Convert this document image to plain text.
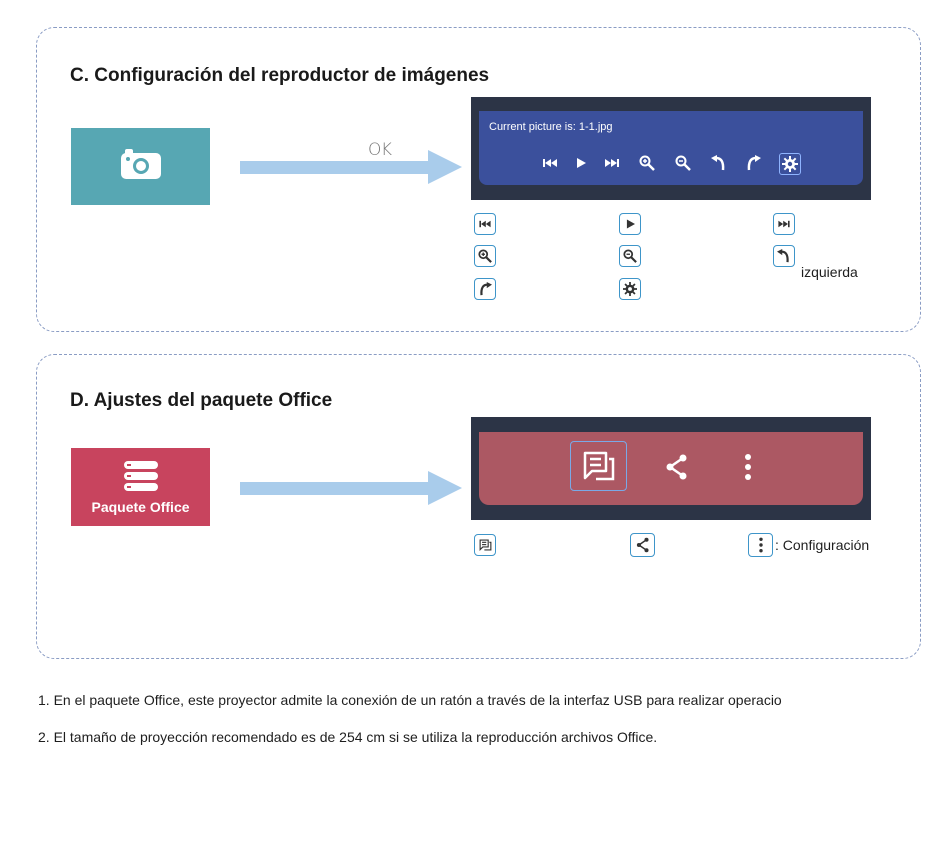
C. Configuración del reproductor de imágenes
OK
Current picture is: 1-1.jpg
izquierda
D. Ajustes del paquete Office
Paquete Office
: Configuración
1. En el paquete Office, este proyector admite la conexión de un ratón a través de la interfaz USB para realizar operacio
2. El tamaño de proyección recomendado es de 254 cm si se utiliza la reproducción archivos Office.
